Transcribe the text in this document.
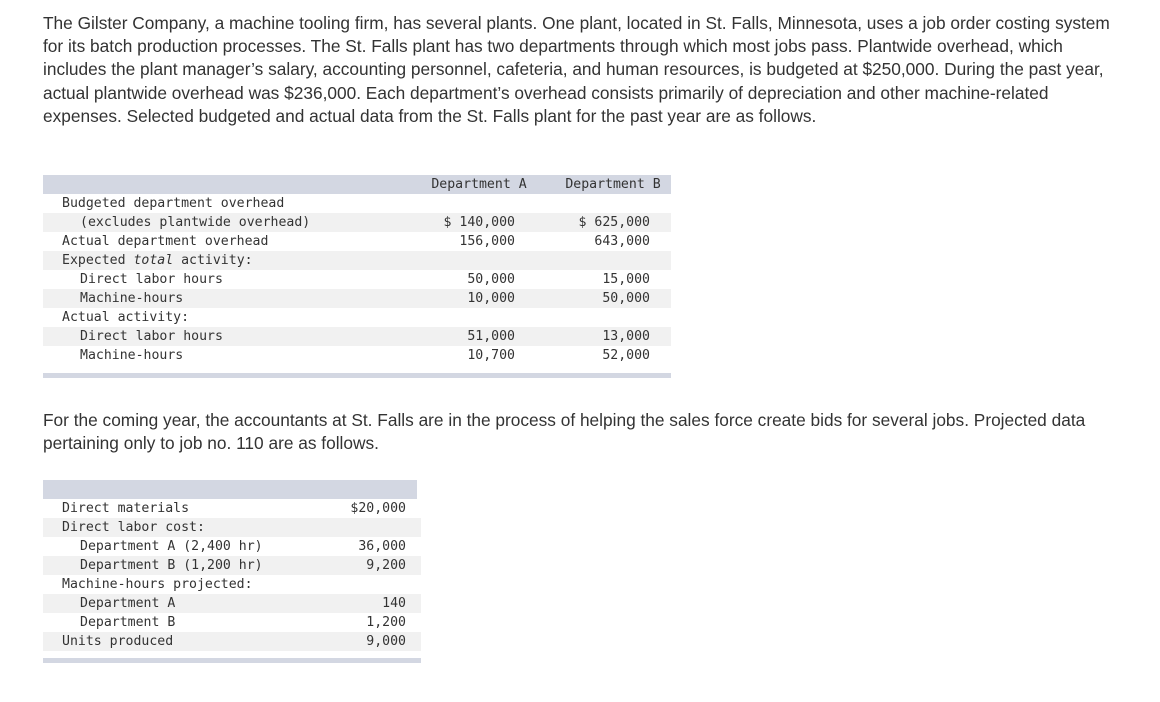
The Gilster Company, a machine tooling firm, has several plants. One plant, located in St. Falls, Minnesota, uses a job order costing system for its batch production processes. The St. Falls plant has two departments through which most jobs pass. Plantwide overhead, which includes the plant manager’s salary, accounting personnel, cafeteria, and human resources, is budgeted at $250,000. During the past year, actual plantwide overhead was $236,000. Each department’s overhead consists primarily of depreciation and other machine-related expenses. Selected budgeted and actual data from the St. Falls plant for the past year are as follows.

Department A	Department B
Budgeted department overhead			
(excludes plantwide overhead)	$ 140,000	$ 625,000	
Actual department overhead	156,000	643,000	
Expected total activity:			
Direct labor hours	50,000	15,000	
Machine-hours	10,000	50,000	
Actual activity:			
Direct labor hours	51,000	13,000	
Machine-hours	10,700	52,000	

For the coming year, the accountants at St. Falls are in the process of helping the sales force create bids for several jobs. Projected data pertaining only to job no. 110 are as follows.

Direct materials	$20,000	
Direct labor cost:		
Department A (2,400 hr)	36,000	
Department B (1,200 hr)	9,200	
Machine-hours projected:		
Department A	140	
Department B	1,200	
Units produced	9,000	
